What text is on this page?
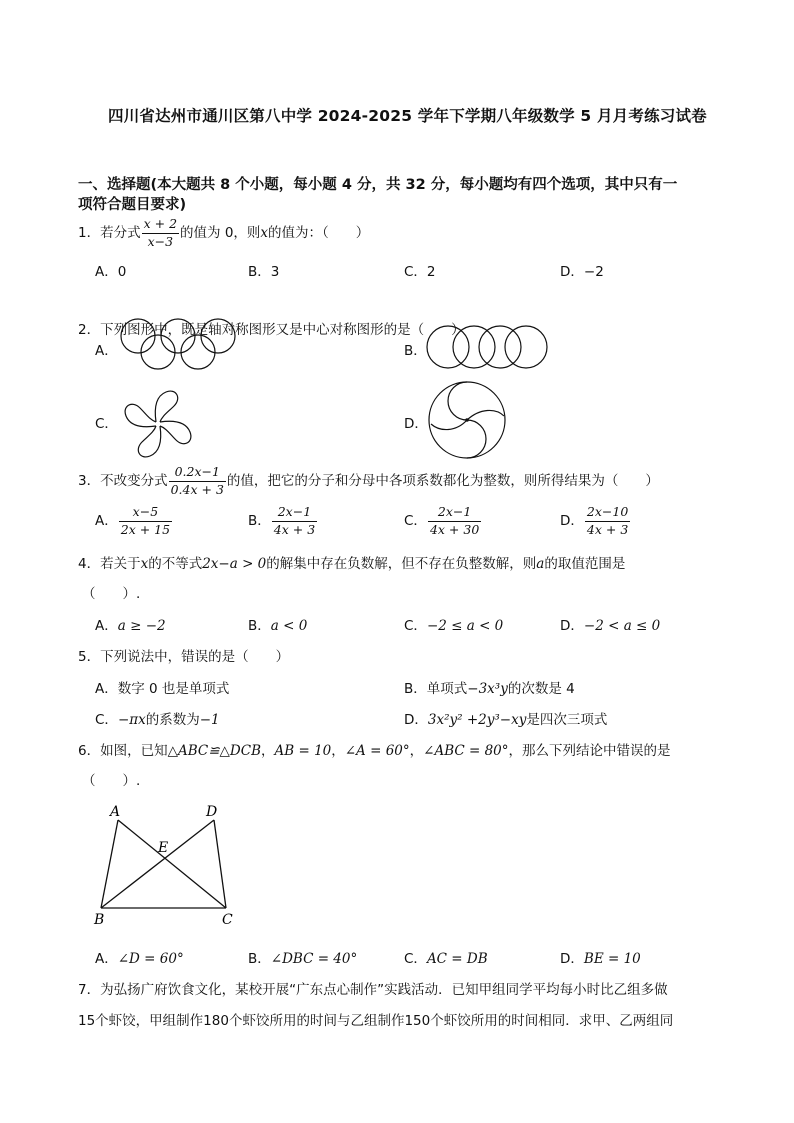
四川省达州市通川区第八中学 2024-2025 学年下学期八年级数学 5 月月考练习试卷
一、选择题(本大题共 8 个小题，每小题 4 分，共 32 分，每小题均有四个选项，其中只有一
项符合题目要求)
1．若分式 $\frac{x + 2}{x-3}$ 的值为 0，则x的值为：（　　）
A．0	B．3	C．2	D．−2
2．下列图形中，既是轴对称图形又是中心对称图形的是（　　）
A．	B．
C．	D．
3．不改变分式 $\frac{0.2x-1}{0.4x + 3}$ 的值，把它的分子和分母中各项系数都化为整数，则所得结果为（　　）
A． $\frac{x-5}{2x + 15}$	B． $\frac{2x-1}{4x + 3}$	C． $\frac{2x-1}{4x + 30}$	D． $\frac{2x-10}{4x + 3}$
4．若关于x的不等式2x−a > 0的解集中存在负数解，但不存在负整数解，则a的取值范围是
（　　）.
A．a ≥ −2	B．a < 0	C．−2 ≤ a < 0	D．−2 < a ≤ 0
5．下列说法中，错误的是（　　）
A．数字 0 也是单项式	B．单项式−3x³y的次数是 4
C．−πx的系数为−1	D．3x²y² +2y³−xy是四次三项式
6．如图，已知△ABC≌△DCB，AB = 10，∠A = 60°，∠ABC = 80°，那么下列结论中错误的是
（　　）.
A	D
E
B	C
A．∠D = 60°	B．∠DBC = 40°	C．AC = DB	D．BE = 10
7．为弘扬广府饮食文化，某校开展“广东点心制作”实践活动．已知甲组同学平均每小时比乙组多做
15个虾饺，甲组制作180个虾饺所用的时间与乙组制作150个虾饺所用的时间相同．求甲、乙两组同
